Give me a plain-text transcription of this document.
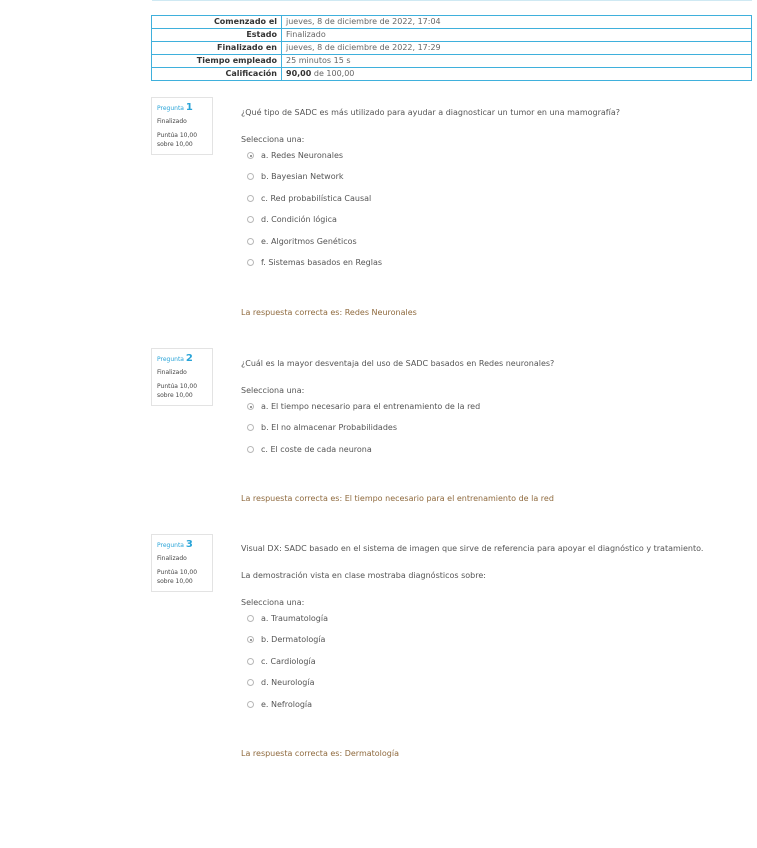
Comenzado el	jueves, 8 de diciembre de 2022, 17:04
Estado	Finalizado
Finalizado en	jueves, 8 de diciembre de 2022, 17:29
Tiempo empleado	25 minutos 15 s
Calificación	90,00 de 100,00
Pregunta 1
Finalizado
Puntúa 10,00
sobre 10,00
¿Qué tipo de SADC es más utilizado para ayudar a diagnosticar un tumor en una mamografía?
Selecciona una:
a. Redes Neuronales
b. Bayesian Network
c. Red probabilística Causal
d. Condición lógica
e. Algoritmos Genéticos
f. Sistemas basados en Reglas
La respuesta correcta es: Redes Neuronales
Pregunta 2
Finalizado
Puntúa 10,00
sobre 10,00
¿Cuál es la mayor desventaja del uso de SADC basados en Redes neuronales?
Selecciona una:
a. El tiempo necesario para el entrenamiento de la red
b. El no almacenar Probabilidades
c. El coste de cada neurona
La respuesta correcta es: El tiempo necesario para el entrenamiento de la red
Pregunta 3
Finalizado
Puntúa 10,00
sobre 10,00
Visual DX: SADC basado en el sistema de imagen que sirve de referencia para apoyar el diagnóstico y tratamiento.
La demostración vista en clase mostraba diagnósticos sobre:
Selecciona una:
a. Traumatología
b. Dermatología
c. Cardiología
d. Neurología
e. Nefrología
La respuesta correcta es: Dermatología
